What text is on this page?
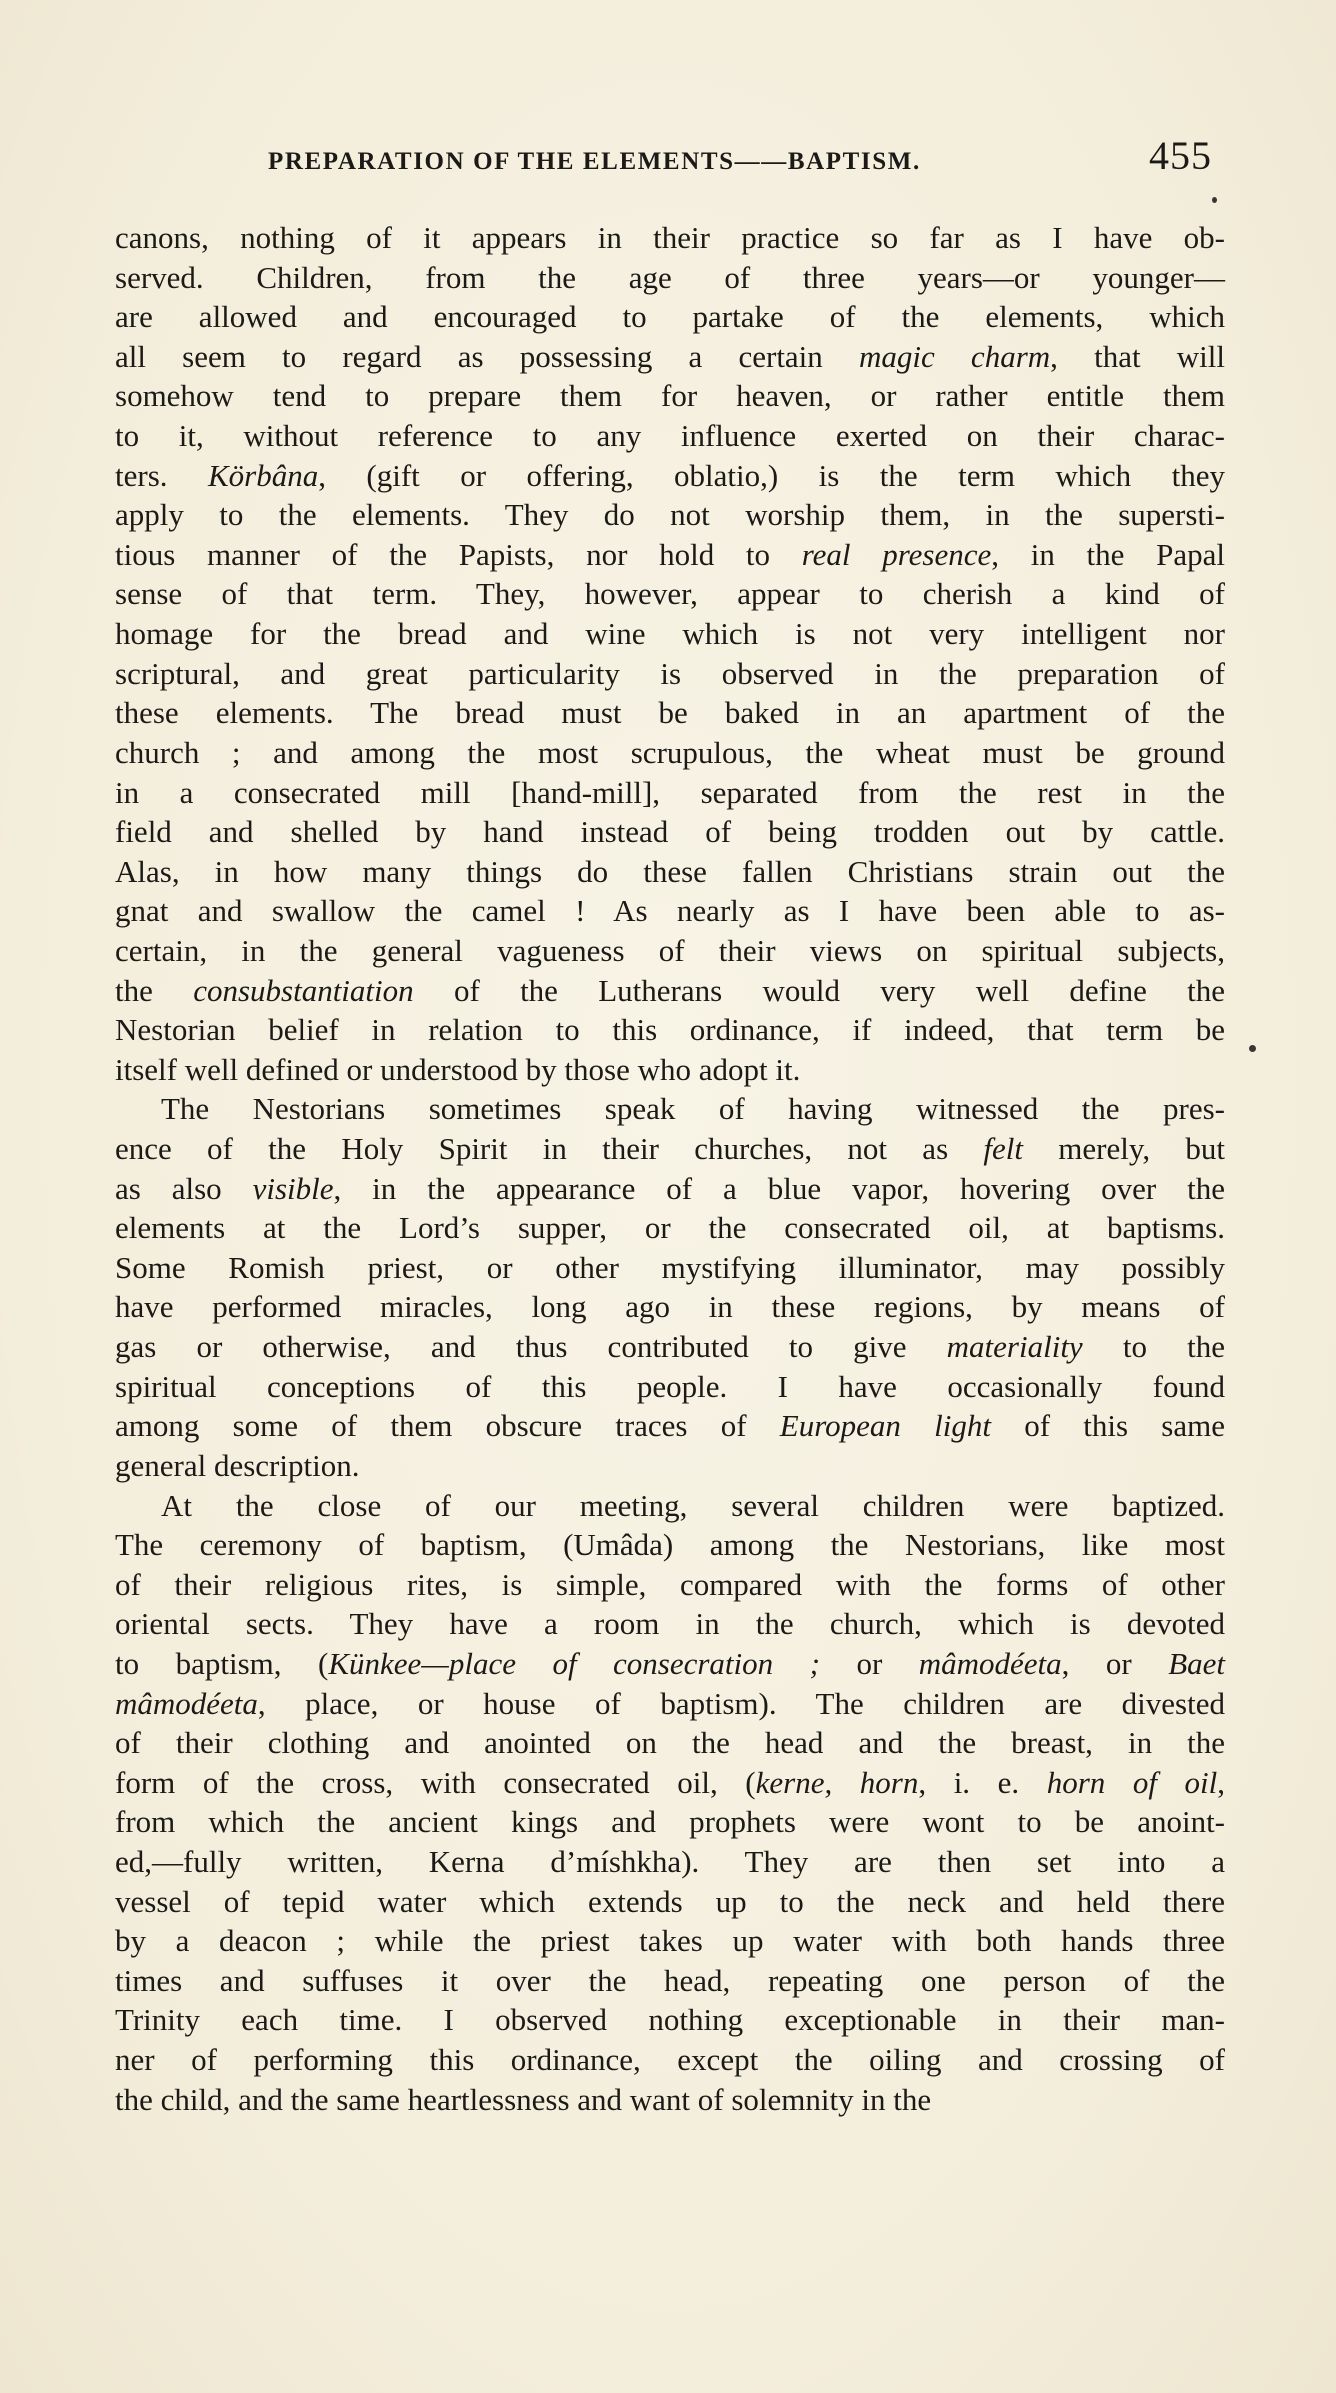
PREPARATION OF THE ELEMENTS——BAPTISM.	455
canons, nothing of it appears in their practice so far as I have ob-
served. Children, from the age of three years—or younger—
are allowed and encouraged to partake of the elements, which
all seem to regard as possessing a certain magic charm, that will
somehow tend to prepare them for heaven, or rather entitle them
to it, without reference to any influence exerted on their charac-
ters. Körbâna, (gift or offering, oblatio,) is the term which they
apply to the elements. They do not worship them, in the supersti-
tious manner of the Papists, nor hold to real presence, in the Papal
sense of that term. They, however, appear to cherish a kind of
homage for the bread and wine which is not very intelligent nor
scriptural, and great particularity is observed in the preparation of
these elements. The bread must be baked in an apartment of the
church ; and among the most scrupulous, the wheat must be ground
in a consecrated mill [hand-mill], separated from the rest in the
field and shelled by hand instead of being trodden out by cattle.
Alas, in how many things do these fallen Christians strain out the
gnat and swallow the camel ! As nearly as I have been able to as-
certain, in the general vagueness of their views on spiritual subjects,
the consubstantiation of the Lutherans would very well define the
Nestorian belief in relation to this ordinance, if indeed, that term be
itself well defined or understood by those who adopt it.
The Nestorians sometimes speak of having witnessed the pres-
ence of the Holy Spirit in their churches, not as felt merely, but
as also visible, in the appearance of a blue vapor, hovering over the
elements at the Lord’s supper, or the consecrated oil, at baptisms.
Some Romish priest, or other mystifying illuminator, may possibly
have performed miracles, long ago in these regions, by means of
gas or otherwise, and thus contributed to give materiality to the
spiritual conceptions of this people. I have occasionally found
among some of them obscure traces of European light of this same
general description.
At the close of our meeting, several children were baptized.
The ceremony of baptism, (Umâda) among the Nestorians, like most
of their religious rites, is simple, compared with the forms of other
oriental sects. They have a room in the church, which is devoted
to baptism, (Künkee—place of consecration ; or mâmodéeta, or Baet
mâmodéeta, place, or house of baptism). The children are divested
of their clothing and anointed on the head and the breast, in the
form of the cross, with consecrated oil, (kerne, horn, i. e. horn of oil,
from which the ancient kings and prophets were wont to be anoint-
ed,—fully written, Kerna d’míshkha). They are then set into a
vessel of tepid water which extends up to the neck and held there
by a deacon ; while the priest takes up water with both hands three
times and suffuses it over the head, repeating one person of the
Trinity each time. I observed nothing exceptionable in their man-
ner of performing this ordinance, except the oiling and crossing of
the child, and the same heartlessness and want of solemnity in the
